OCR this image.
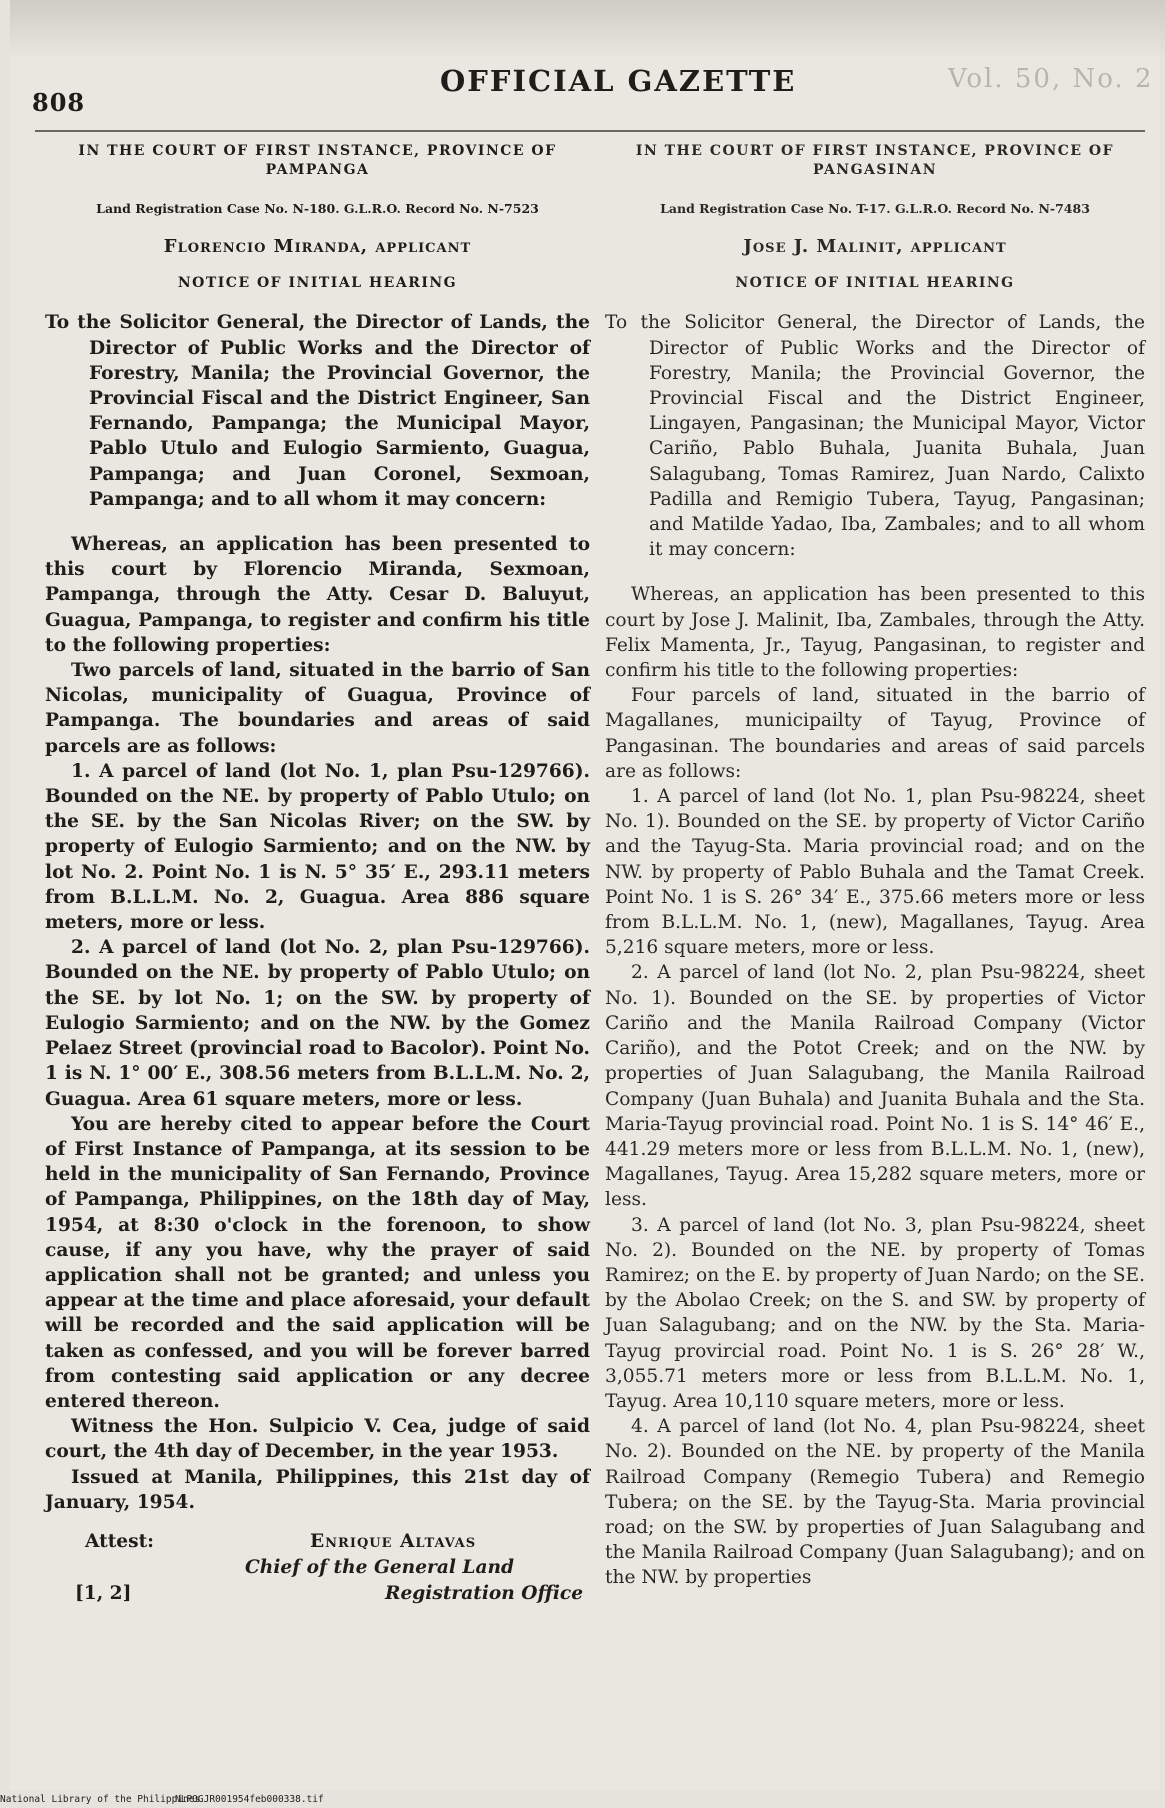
808
OFFICIAL GAZETTE	Vol. 50, No. 2
IN THE COURT OF FIRST INSTANCE, PROVINCE OF PAMPANGA
Land Registration Case No. N-180. G.L.R.O. Record No. N-7523
Florencio Miranda, applicant
NOTICE OF INITIAL HEARING
To the Solicitor General, the Director of Lands, the Director of Public Works and the Director of Forestry, Manila; the Provincial Governor, the Provincial Fiscal and the District Engineer, San Fernando, Pampanga; the Municipal Mayor, Pablo Utulo and Eulogio Sarmiento, Guagua, Pampanga; and Juan Coronel, Sexmoan, Pampanga; and to all whom it may concern:

Whereas, an application has been presented to this court by Florencio Miranda, Sexmoan, Pampanga, through the Atty. Cesar D. Baluyut, Guagua, Pampanga, to register and confirm his title to the following properties:

Two parcels of land, situated in the barrio of San Nicolas, municipality of Guagua, Province of Pampanga. The boundaries and areas of said parcels are as follows:

1. A parcel of land (lot No. 1, plan Psu-129766). Bounded on the NE. by property of Pablo Utulo; on the SE. by the San Nicolas River; on the SW. by property of Eulogio Sarmiento; and on the NW. by lot No. 2. Point No. 1 is N. 5° 35′ E., 293.11 meters from B.L.L.M. No. 2, Guagua. Area 886 square meters, more or less.

2. A parcel of land (lot No. 2, plan Psu-129766). Bounded on the NE. by property of Pablo Utulo; on the SE. by lot No. 1; on the SW. by property of Eulogio Sarmiento; and on the NW. by the Gomez Pelaez Street (provincial road to Bacolor). Point No. 1 is N. 1° 00′ E., 308.56 meters from B.L.L.M. No. 2, Guagua. Area 61 square meters, more or less.

You are hereby cited to appear before the Court of First Instance of Pampanga, at its session to be held in the municipality of San Fernando, Province of Pampanga, Philippines, on the 18th day of May, 1954, at 8:30 o'clock in the forenoon, to show cause, if any you have, why the prayer of said application shall not be granted; and unless you appear at the time and place aforesaid, your default will be recorded and the said application will be taken as confessed, and you will be forever barred from contesting said application or any decree entered thereon.

Witness the Hon. Sulpicio V. Cea, judge of said court, the 4th day of December, in the year 1953.

Issued at Manila, Philippines, this 21st day of January, 1954.

Attest:	Enrique Altavas
Chief of the General Land
[1, 2]	Registration Office
IN THE COURT OF FIRST INSTANCE, PROVINCE OF PANGASINAN
Land Registration Case No. T-17. G.L.R.O. Record No. N-7483
Jose J. Malinit, applicant
NOTICE OF INITIAL HEARING
To the Solicitor General, the Director of Lands, the Director of Public Works and the Director of Forestry, Manila; the Provincial Governor, the Provincial Fiscal and the District Engineer, Lingayen, Pangasinan; the Municipal Mayor, Victor Cariño, Pablo Buhala, Juanita Buhala, Juan Salagubang, Tomas Ramirez, Juan Nardo, Calixto Padilla and Remigio Tubera, Tayug, Pangasinan; and Matilde Yadao, Iba, Zambales; and to all whom it may concern:

Whereas, an application has been presented to this court by Jose J. Malinit, Iba, Zambales, through the Atty. Felix Mamenta, Jr., Tayug, Pangasinan, to register and confirm his title to the following properties:

Four parcels of land, situated in the barrio of Magallanes, municipailty of Tayug, Province of Pangasinan. The boundaries and areas of said parcels are as follows:

1. A parcel of land (lot No. 1, plan Psu-98224, sheet No. 1). Bounded on the SE. by property of Victor Cariño and the Tayug-Sta. Maria provincial road; and on the NW. by property of Pablo Buhala and the Tamat Creek. Point No. 1 is S. 26° 34′ E., 375.66 meters more or less from B.L.L.M. No. 1, (new), Magallanes, Tayug. Area 5,216 square meters, more or less.

2. A parcel of land (lot No. 2, plan Psu-98224, sheet No. 1). Bounded on the SE. by properties of Victor Cariño and the Manila Railroad Company (Victor Cariño), and the Potot Creek; and on the NW. by properties of Juan Salagubang, the Manila Railroad Company (Juan Buhala) and Juanita Buhala and the Sta. Maria-Tayug provincial road. Point No. 1 is S. 14° 46′ E., 441.29 meters more or less from B.L.L.M. No. 1, (new), Magallanes, Tayug. Area 15,282 square meters, more or less.

3. A parcel of land (lot No. 3, plan Psu-98224, sheet No. 2). Bounded on the NE. by property of Tomas Ramirez; on the E. by property of Juan Nardo; on the SE. by the Abolao Creek; on the S. and SW. by property of Juan Salagubang; and on the NW. by the Sta. Maria-Tayug provircial road. Point No. 1 is S. 26° 28′ W., 3,055.71 meters more or less from B.L.L.M. No. 1, Tayug. Area 10,110 square meters, more or less.

4. A parcel of land (lot No. 4, plan Psu-98224, sheet No. 2). Bounded on the NE. by property of the Manila Railroad Company (Remegio Tubera) and Remegio Tubera; on the SE. by the Tayug-Sta. Maria provincial road; on the SW. by properties of Juan Salagubang and the Manila Railroad Company (Juan Salagubang); and on the NW. by properties

National Library of the Philippines
NLPOGJR001954feb000338.tif
